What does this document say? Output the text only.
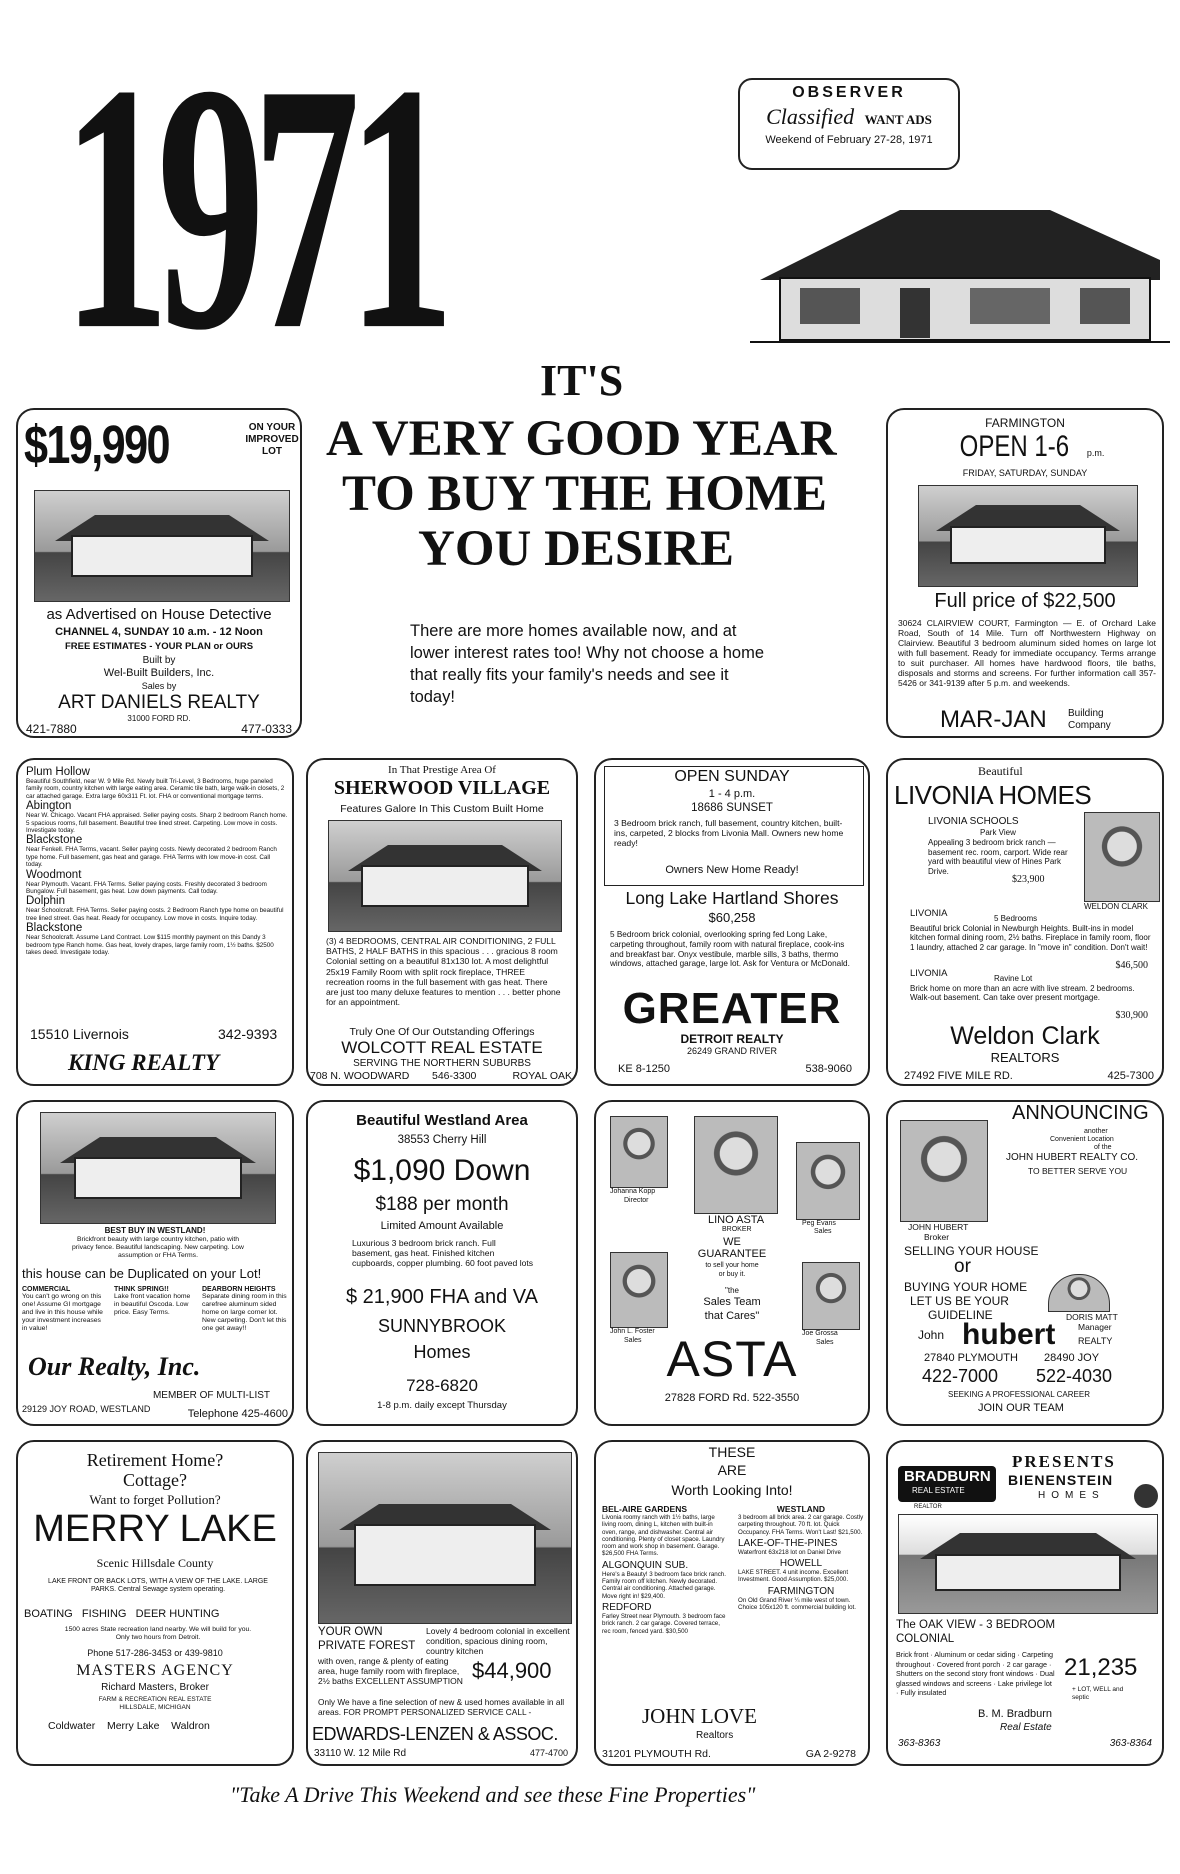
1971	OBSERVER
Classified WANT ADS
Weekend of February 27-28, 1971
IT'S
A VERY GOOD YEAR
TO BUY THE HOME
YOU DESIRE
There are more homes available now, and at lower interest rates too! Why not choose a home that really fits your family's needs and see it today!
$19,990	ON YOUR IMPROVED LOT
as Advertised on House Detective
CHANNEL 4, SUNDAY 10 a.m. - 12 Noon
FREE ESTIMATES - YOUR PLAN or OURS
Built by
Wel-Built Builders, Inc.
Sales by
ART DANIELS REALTY
31000 FORD RD.
421-7880	477-0333
FARMINGTON
OPEN 1-6 p.m.
FRIDAY, SATURDAY, SUNDAY
Full price of $22,500
30624 CLAIRVIEW COURT, Farmington — E. of Orchard Lake Road, South of 14 Mile. Turn off Northwestern Highway on Clairview. Beautiful 3 bedroom aluminum sided homes on large lot with full basement. Ready for immediate occupancy. Terms arrange to suit purchaser. All homes have hardwood floors, tile baths, disposals and storms and screens. For further information call 357-5426 or 341-9139 after 5 p.m. and weekends.
MAR-JAN Building Company
Plum Hollow
Beautiful Southfield, near W. 9 Mile Rd. Newly built Tri-Level, 3 Bedrooms, huge paneled family room, country kitchen with large eating area. Ceramic tile bath, large walk-in closets, 2 car attached garage. Extra large 60x311 Ft. lot. FHA or conventional mortgage terms.
Abington
Near W. Chicago. Vacant FHA appraised. Seller paying costs. Sharp 2 bedroom Ranch home. 5 spacious rooms, full basement. Beautiful tree lined street. Carpeting. Low move in costs. Investigate today.
Blackstone
Near Fenkell. FHA Terms, vacant. Seller paying costs. Newly decorated 2 bedroom Ranch type home. Full basement, gas heat and garage. FHA Terms with low move-in cost. Call today.
Woodmont
Near Plymouth. Vacant. FHA Terms. Seller paying costs. Freshly decorated 3 bedroom Bungalow. Full basement, gas heat. Low down payments. Call today.
Dolphin
Near Schoolcraft. FHA Terms. Seller paying costs. 2 Bedroom Ranch type home on beautiful tree lined street. Gas heat. Ready for occupancy. Low move in costs. Inquire today.
Blackstone
Near Schoolcraft. Assume Land Contract. Low $115 monthly payment on this Dandy 3 bedroom type Ranch home. Gas heat, lovely drapes, large family room, 1½ baths. $2500 takes deed. Investigate today.
15510 Livernois	342-9393
KING REALTY
In That Prestige Area Of
SHERWOOD VILLAGE
Features Galore In This Custom Built Home
(3) 4 BEDROOMS, CENTRAL AIR CONDITIONING, 2 FULL BATHS, 2 HALF BATHS in this spacious . . . gracious 8 room Colonial setting on a beautiful 81x130 lot. A most delightful 25x19 Family Room with split rock fireplace, THREE recreation rooms in the full basement with gas heat. There are just too many deluxe features to mention . . . better phone for an appointment.
Truly One Of Our Outstanding Offerings
WOLCOTT REAL ESTATE
SERVING THE NORTHERN SUBURBS
708 N. WOODWARD 546-3300	ROYAL OAK
OPEN SUNDAY
1 - 4 p.m.
18686 SUNSET
3 Bedroom brick ranch, full basement, country kitchen, built-ins, carpeted, 2 blocks from Livonia Mall. Owners new home ready!
Owners New Home Ready!
Long Lake Hartland Shores
$60,258
5 Bedroom brick colonial, overlooking spring fed Long Lake, carpeting throughout, family room with natural fireplace, cook-ins and breakfast bar. Onyx vestibule, marble sills, 3 baths, thermo windows, attached garage, large lot. Ask for Ventura or McDonald.
GREATER
DETROIT REALTY
26249 GRAND RIVER
KE 8-1250	538-9060
Beautiful
LIVONIA HOMES
LIVONIA SCHOOLS
Park View
Appealing 3 bedroom brick ranch — basement rec. room, carport. Wide rear yard with beautiful view of Hines Park Drive.
$23,900
WELDON CLARK
LIVONIA	5 Bedrooms
Beautiful brick Colonial in Newburgh Heights. Built-ins in model kitchen formal dining room, 2½ baths. Fireplace in family room, floor 1 laundry, attached 2 car garage. In "move in" condition. Don't wait!
$46,500
LIVONIA	Ravine Lot
Brick home on more than an acre with live stream. 2 bedrooms. Walk-out basement. Can take over present mortgage.
$30,900
Weldon Clark
REALTORS
27492 FIVE MILE RD.	425-7300
BEST BUY IN WESTLAND!
Brickfront beauty with large country kitchen, patio with privacy fence. Beautiful landscaping. New carpeting. Low assumption or FHA Terms.
this house can be Duplicated on your Lot!
COMMERCIAL
You can't go wrong on this one! Assume GI mortgage and live in this house while your investment increases in value!
THINK SPRING!!
Lake front vacation home in beautiful Oscoda. Low price. Easy Terms.
DEARBORN HEIGHTS
Separate dining room in this carefree aluminum sided home on large corner lot. New carpeting. Don't let this one get away!!
Our Realty, Inc.
MEMBER OF MULTI-LIST
29129 JOY ROAD, WESTLAND	Telephone 425-4600
Beautiful Westland Area
38553 Cherry Hill
$1,090 Down
$188 per month
Limited Amount Available
Luxurious 3 bedroom brick ranch. Full basement, gas heat. Finished kitchen cupboards, copper plumbing. 60 foot paved lots
$ 21,900 FHA and VA
SUNNYBROOK
Homes
728-6820
1-8 p.m. daily except Thursday
Johanna Kopp
Director
LINO ASTA
BROKER
Peg Evans
Sales
WE
GUARANTEE
to sell your home
or buy it.
"the
Sales Team
that Cares"
John L. Foster
Sales
Joe Grossa
Sales
ASTA
27828 FORD Rd. 522-3550
ANNOUNCING
another
Convenient Location
of the
JOHN HUBERT REALTY CO.
TO BETTER SERVE YOU
JOHN HUBERT
Broker
SELLING YOUR HOUSE
or
BUYING YOUR HOME
LET US BE YOUR
GUIDELINE	DORIS MATT
Manager
John hubert	REALTY
27840 PLYMOUTH 28490 JOY
422-7000 522-4030
SEEKING A PROFESSIONAL CAREER
JOIN OUR TEAM
Retirement Home?
Cottage?
Want to forget Pollution?
MERRY LAKE
Scenic Hillsdale County
LAKE FRONT OR BACK LOTS, WITH A VIEW OF THE LAKE. LARGE PARKS. Central Sewage system operating.
BOATING FISHING DEER HUNTING
1500 acres State recreation land nearby. We will build for you. Only two hours from Detroit.
Phone 517-286-3453 or 439-9810
MASTERS AGENCY
Richard Masters, Broker
FARM & RECREATION REAL ESTATE
HILLSDALE, MICHIGAN
Coldwater Merry Lake Waldron
YOUR OWN
PRIVATE FOREST
Lovely 4 bedroom colonial in excellent condition, spacious dining room, country kitchen
with oven, range & plenty of eating area, huge family room with fireplace, 2½ baths EXCELLENT ASSUMPTION $44,900
Only We have a fine selection of new & used homes available in all areas. FOR PROMPT PERSONALIZED SERVICE CALL -
EDWARDS-LENZEN & ASSOC.
33110 W. 12 Mile Rd	477-4700
THESE
ARE
Worth Looking Into!
BEL-AIRE GARDENS
Livonia roomy ranch with 1½ baths, large living room, dining L, kitchen with built-in oven, range, and dishwasher. Central air conditioning. Plenty of closet space. Laundry room and work shop in basement. Garage. $26,500 FHA Terms.
ALGONQUIN SUB.
Here's a Beauty! 3 bedroom face brick ranch. Family room off kitchen. Newly decorated. Central air conditioning. Attached garage. Move right in! $29,400.
REDFORD
Farley Street near Plymouth. 3 bedroom face brick ranch. 2 car garage. Covered terrace, rec room, fenced yard. $30,500
WESTLAND
3 bedroom all brick area. 2 car garage. Costly carpeting throughout. 70 ft. lot. Quick Occupancy. FHA Terms. Won't Last! $21,500.
LAKE-OF-THE-PINES
Waterfront 63x218 lot on Daniel Drive
HOWELL
LAKE STREET. 4 unit income. Excellent Investment. Good Assumption. $25,000.
FARMINGTON
On Old Grand River ¼ mile west of town. Choice 105x120 ft. commercial building lot.
JOHN LOVE
Realtors
31201 PLYMOUTH Rd.	GA 2-9278
BRADBURN
REAL ESTATE
REALTOR
PRESENTS
BIENENSTEIN
HOMES
The OAK VIEW - 3 BEDROOM COLONIAL
Brick front · Aluminum or cedar siding · Carpeting throughout · Covered front porch · 2 car garage · Shutters on the second story front windows · Dual glassed windows and screens · Lake privilege lot · Fully insulated
21,235
+ LOT, WELL and septic
B. M. Bradburn
Real Estate
363-8363	363-8364
"Take A Drive This Weekend and see these Fine Properties"
